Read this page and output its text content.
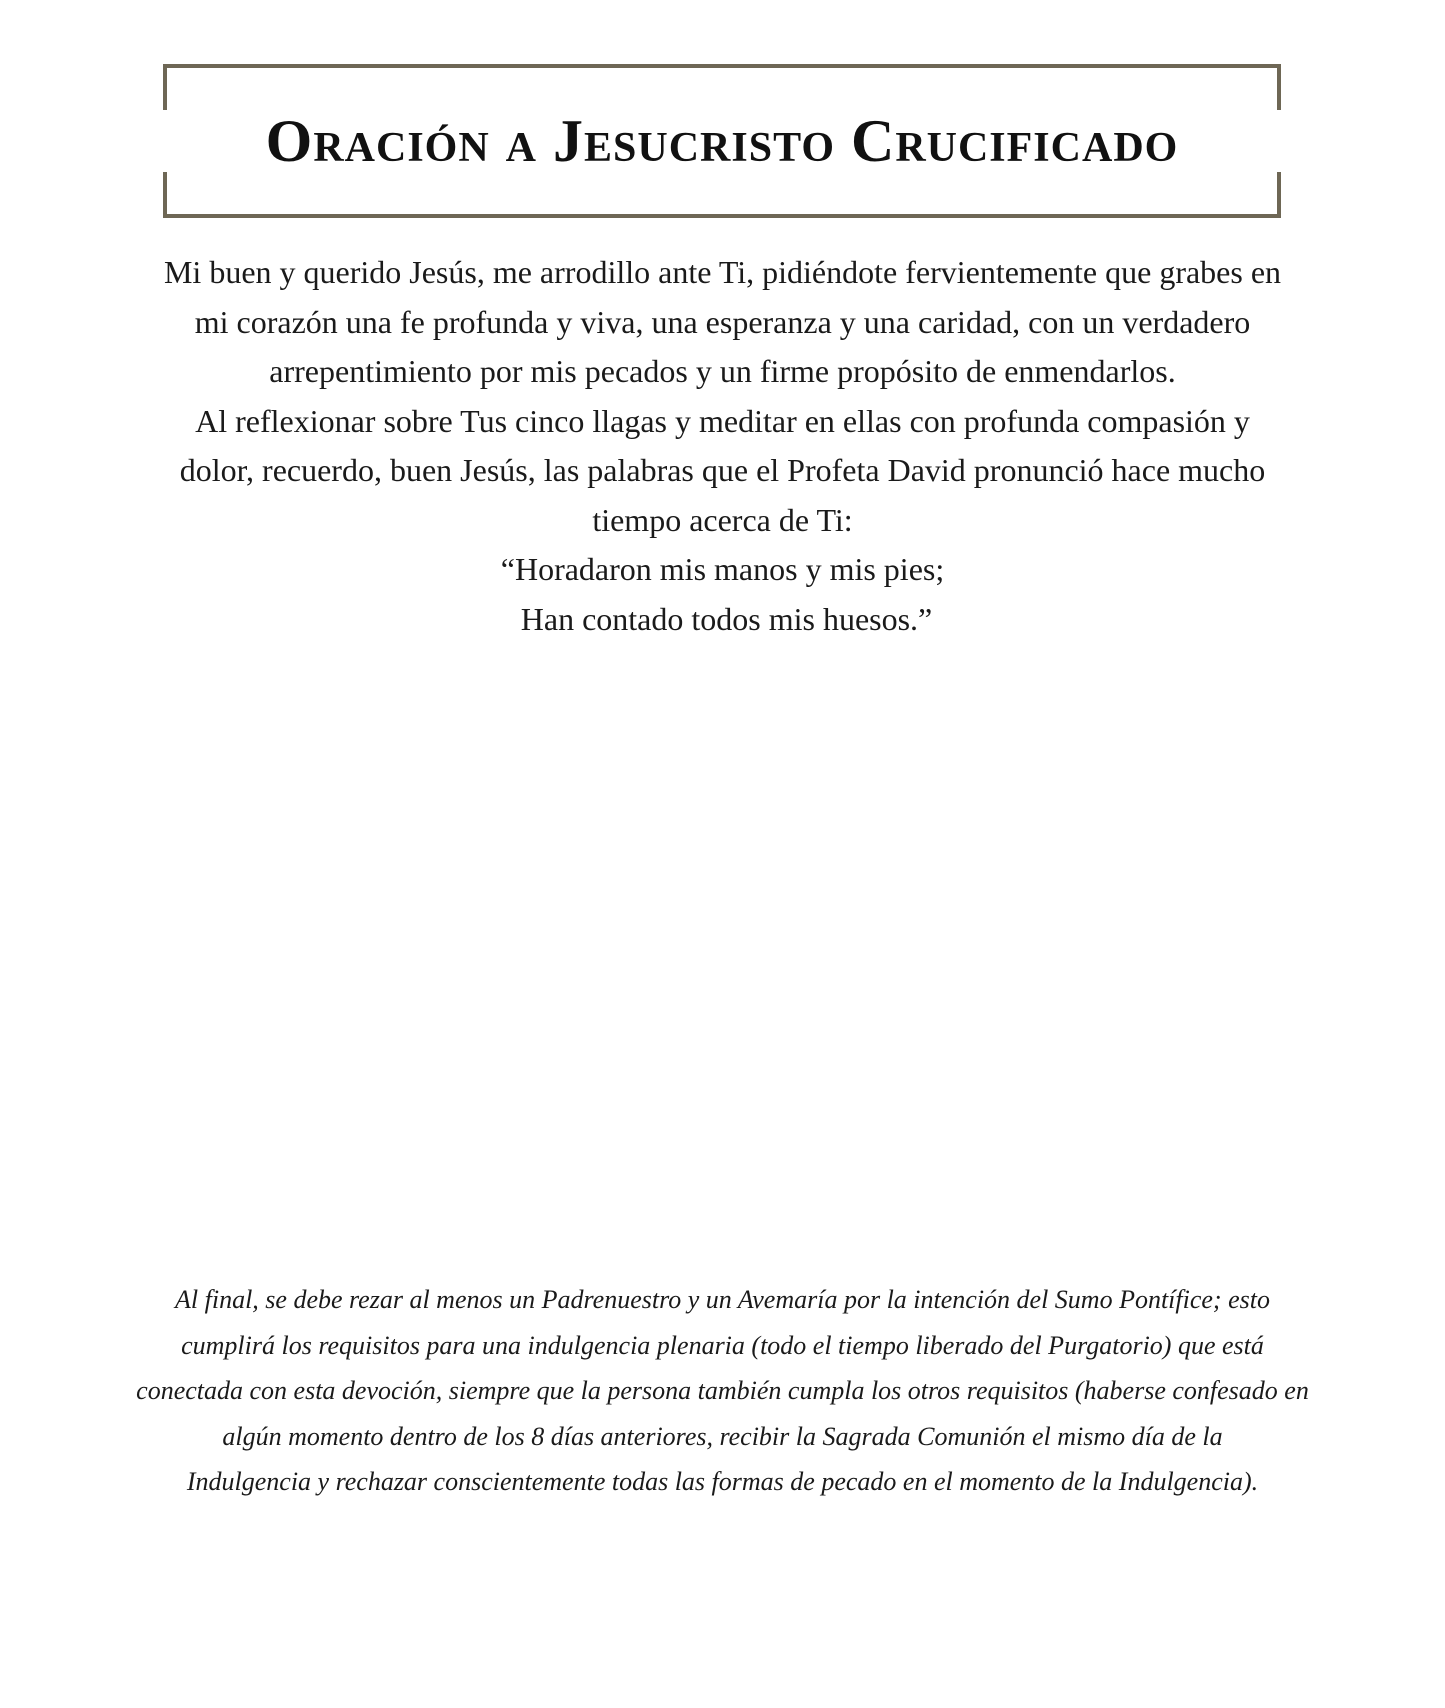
Oración a Jesucristo Crucificado

Mi buen y querido Jesús, me arrodillo ante Ti, pidiéndote fervientemente que grabes en

mi corazón una fe profunda y viva, una esperanza y una caridad, con un verdadero

arrepentimiento por mis pecados y un firme propósito de enmendarlos.

Al reflexionar sobre Tus cinco llagas y meditar en ellas con profunda compasión y

dolor, recuerdo, buen Jesús, las palabras que el Profeta David pronunció hace mucho

tiempo acerca de Ti:

“Horadaron mis manos y mis pies;

Han contado todos mis huesos.”

Al final, se debe rezar al menos un Padrenuestro y un Avemaría por la intención del Sumo Pontífice; esto

cumplirá los requisitos para una indulgencia plenaria (todo el tiempo liberado del Purgatorio) que está

conectada con esta devoción, siempre que la persona también cumpla los otros requisitos (haberse confesado en

algún momento dentro de los 8 días anteriores, recibir la Sagrada Comunión el mismo día de la

Indulgencia y rechazar conscientemente todas las formas de pecado en el momento de la Indulgencia).
